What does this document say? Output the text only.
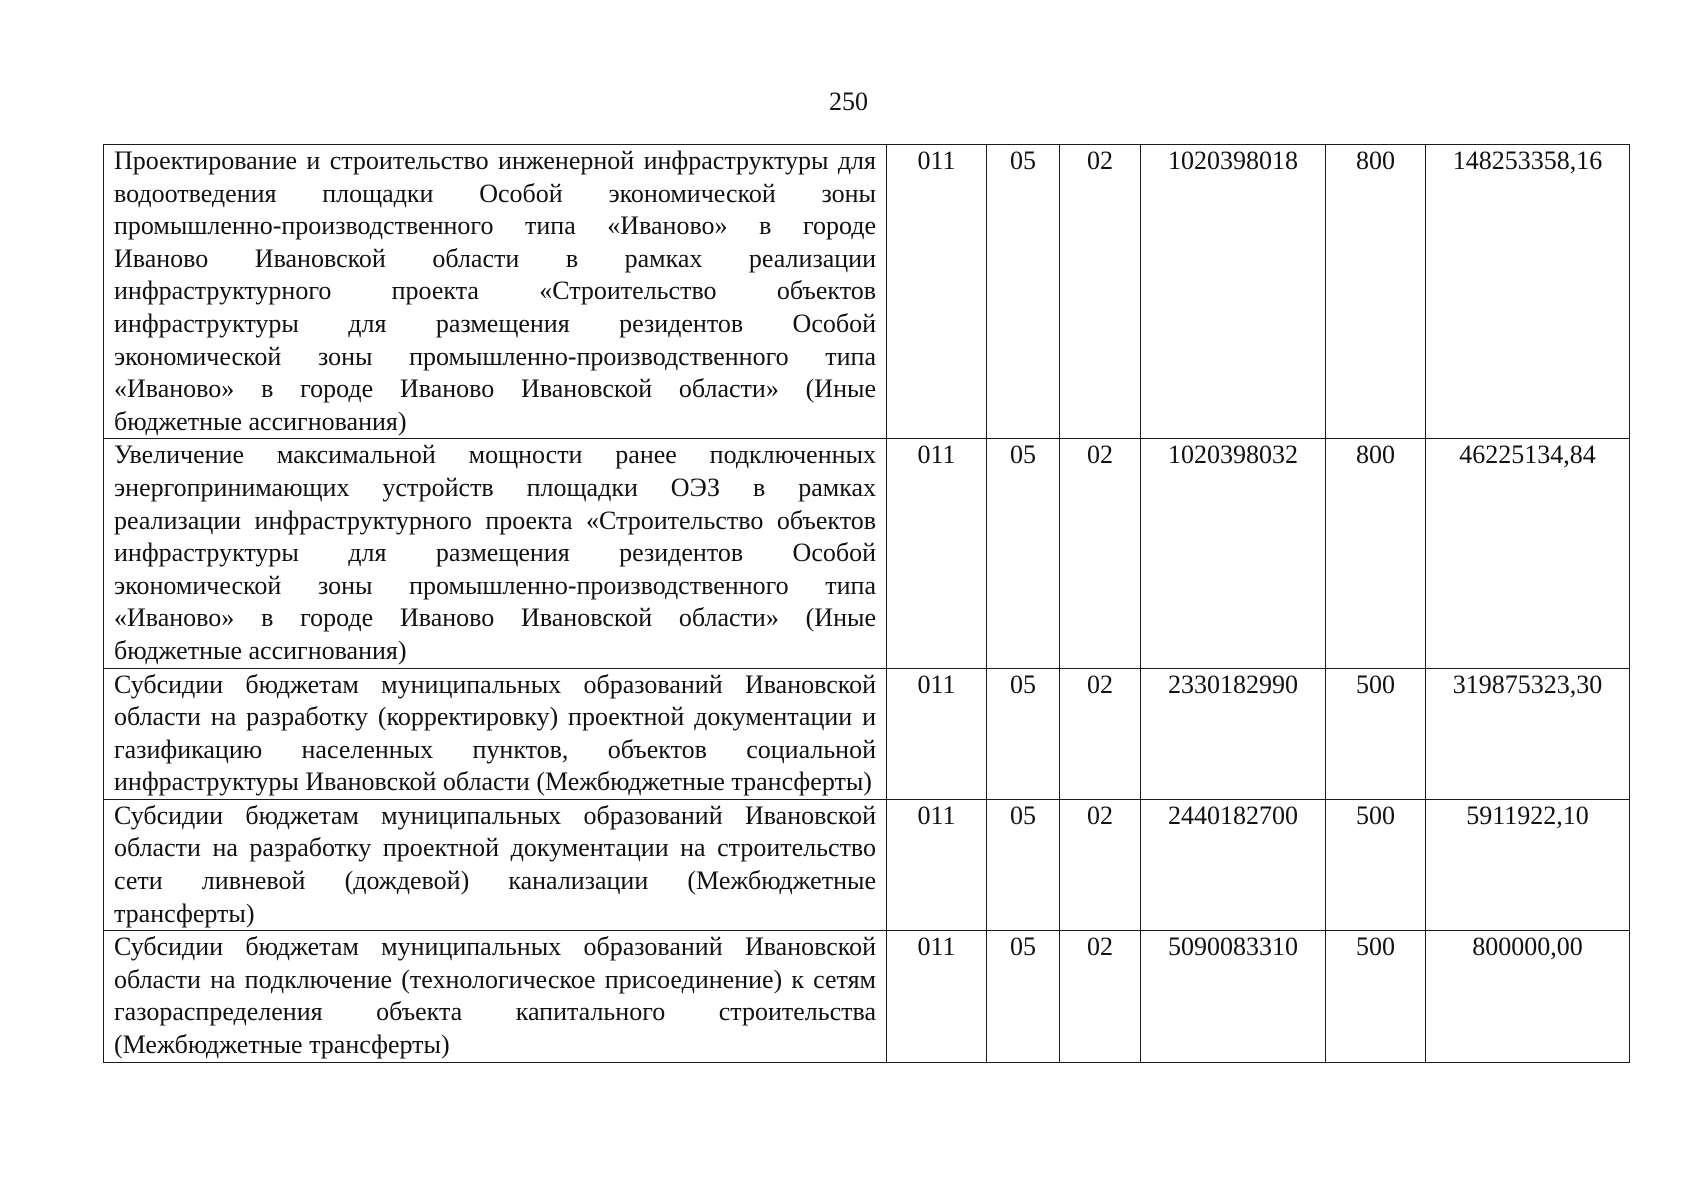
250
Проектирование и строительство инженерной инфраструктуры для водоотведения площадки Особой экономической зоны промышленно-производственного типа «Иваново» в городе Иваново Ивановской области в рамках реализации инфраструктурного проекта «Строительство объектов инфраструктуры для размещения резидентов Особой экономической зоны промышленно-производственного типа «Иваново» в городе Иваново Ивановской области» (Иные бюджетные ассигнования)	011	05	02	1020398018	800	148253358,16
Увеличение максимальной мощности ранее подключенных энергопринимающих устройств площадки ОЭЗ в рамках реализации инфраструктурного проекта «Строительство объектов инфраструктуры для размещения резидентов Особой экономической зоны промышленно-производственного типа «Иваново» в городе Иваново Ивановской области» (Иные бюджетные ассигнования)	011	05	02	1020398032	800	46225134,84
Субсидии бюджетам муниципальных образований Ивановской области на разработку (корректировку) проектной документации и газификацию населенных пунктов, объектов социальной инфраструктуры Ивановской области (Межбюджетные трансферты)	011	05	02	2330182990	500	319875323,30
Субсидии бюджетам муниципальных образований Ивановской области на разработку проектной документации на строительство сети ливневой (дождевой) канализации (Межбюджетные трансферты)	011	05	02	2440182700	500	5911922,10
Субсидии бюджетам муниципальных образований Ивановской области на подключение (технологическое присоединение) к сетям газораспределения объекта капитального строительства (Межбюджетные трансферты)	011	05	02	5090083310	500	800000,00
